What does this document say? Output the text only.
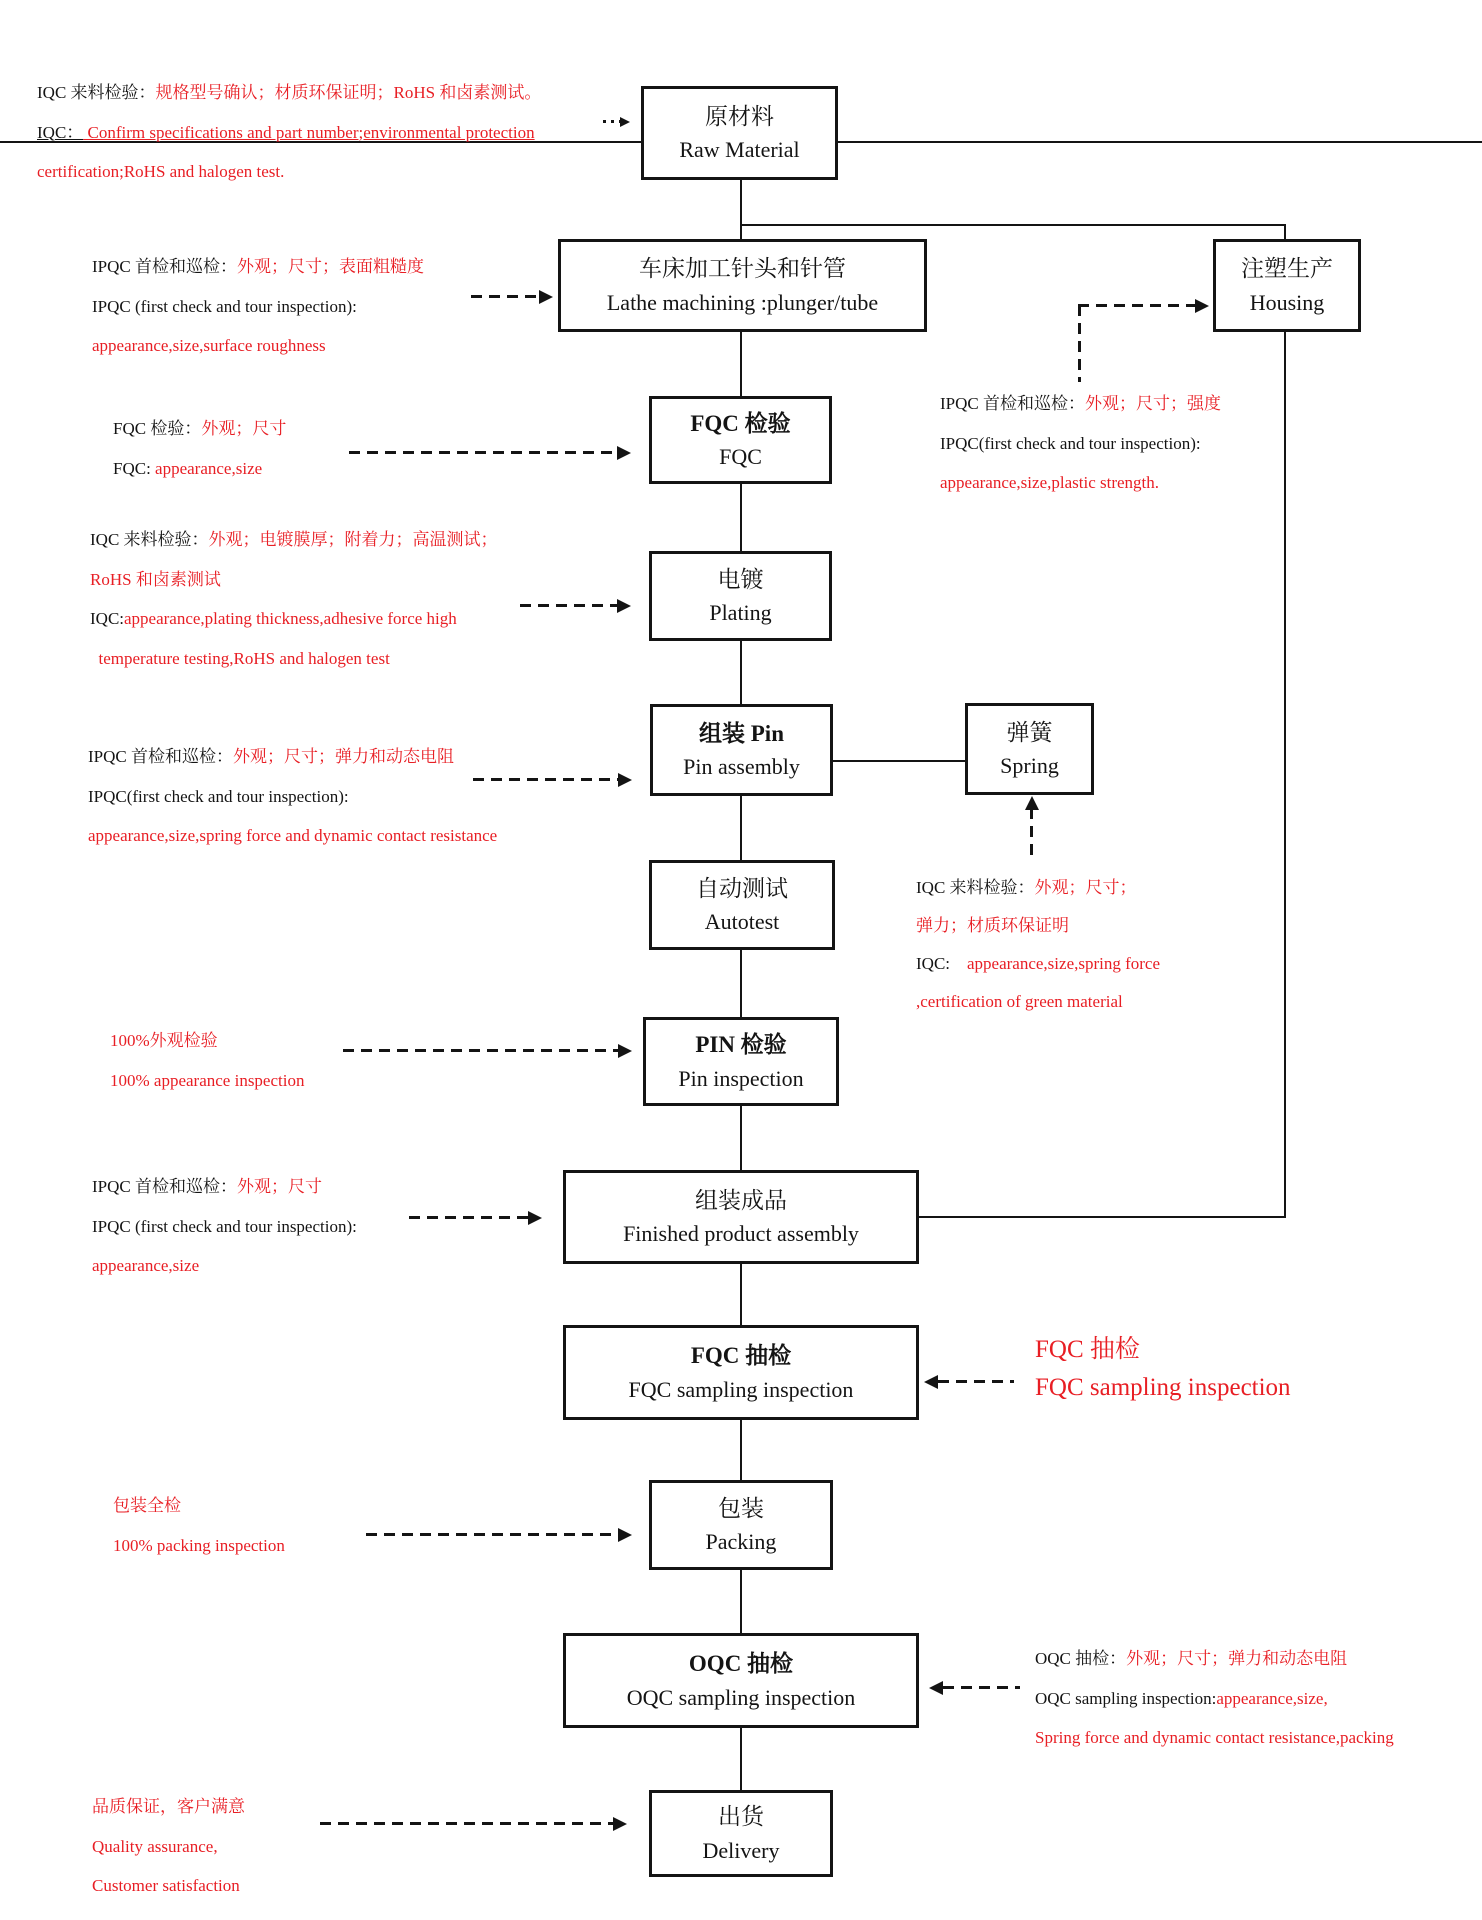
原材料
Raw Material
车床加工针头和针管
Lathe machining :plunger/tube
注塑生产
Housing
FQC 检验
FQC
电镀
Plating
组装 Pin
Pin assembly
弹簧
Spring
自动测试
Autotest
PIN 检验
Pin inspection
组装成品
Finished product assembly
FQC 抽检
FQC sampling inspection
包装
Packing
OQC 抽检
OQC sampling inspection
出货
Delivery
IQC 来料检验：规格型号确认；材质环保证明；RoHS 和卤素测试。
IQC： Confirm specifications and part number;environmental protection
certification;RoHS and halogen test.
IPQC 首检和巡检：外观；尺寸；表面粗糙度
IPQC (first check and tour inspection):
appearance,size,surface roughness
FQC 检验：外观；尺寸
FQC: appearance,size
IPQC 首检和巡检：外观；尺寸；强度
IPQC(first check and tour inspection):
appearance,size,plastic strength.
IQC 来料检验：外观；电镀膜厚；附着力；高温测试；
RoHS 和卤素测试
IQC:appearance,plating thickness,adhesive force high
temperature testing,RoHS and halogen test
IPQC 首检和巡检：外观；尺寸；弹力和动态电阻
IPQC(first check and tour inspection):
appearance,size,spring force and dynamic contact resistance
IQC 来料检验：外观；尺寸；
弹力；材质环保证明
IQC:    appearance,size,spring force
,certification of green material
100%外观检验
100% appearance inspection
IPQC 首检和巡检：外观；尺寸
IPQC (first check and tour inspection):
appearance,size
FQC 抽检
FQC sampling inspection
包装全检
100% packing inspection
OQC 抽检：外观；尺寸；弹力和动态电阻
OQC sampling inspection:appearance,size,
Spring force and dynamic contact resistance,packing
品质保证，客户满意
Quality assurance,
Customer satisfaction
